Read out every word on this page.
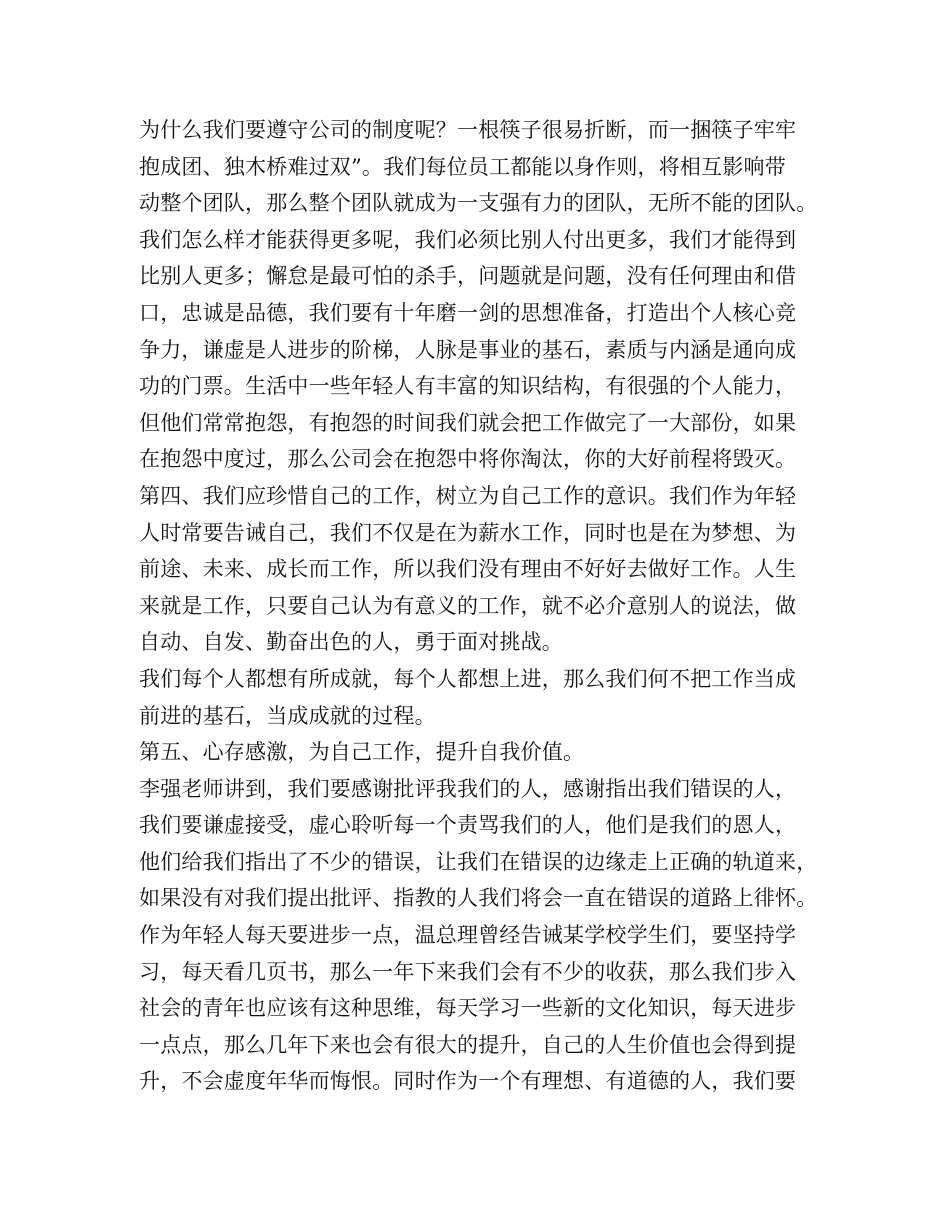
为什么我们要遵守公司的制度呢？一根筷子很易折断，而一捆筷子牢牢
抱成团、独木桥难过双”。我们每位员工都能以身作则，将相互影响带
动整个团队，那么整个团队就成为一支强有力的团队，无所不能的团队。
我们怎么样才能获得更多呢，我们必须比别人付出更多，我们才能得到
比别人更多；懈怠是最可怕的杀手，问题就是问题，没有任何理由和借
口，忠诚是品德，我们要有十年磨一剑的思想准备，打造出个人核心竞
争力，谦虚是人进步的阶梯，人脉是事业的基石，素质与内涵是通向成
功的门票。生活中一些年轻人有丰富的知识结构，有很强的个人能力，
但他们常常抱怨，有抱怨的时间我们就会把工作做完了一大部份，如果
在抱怨中度过，那么公司会在抱怨中将你淘汰，你的大好前程将毁灭。
第四、我们应珍惜自己的工作，树立为自己工作的意识。我们作为年轻
人时常要告诫自己，我们不仅是在为薪水工作，同时也是在为梦想、为
前途、未来、成长而工作，所以我们没有理由不好好去做好工作。人生
来就是工作，只要自己认为有意义的工作，就不必介意别人的说法，做
自动、自发、勤奋出色的人，勇于面对挑战。
我们每个人都想有所成就，每个人都想上进，那么我们何不把工作当成
前进的基石，当成成就的过程。
第五、心存感激，为自己工作，提升自我价值。
李强老师讲到，我们要感谢批评我我们的人，感谢指出我们错误的人，
我们要谦虚接受，虚心聆听每一个责骂我们的人，他们是我们的恩人，
他们给我们指出了不少的错误，让我们在错误的边缘走上正确的轨道来，
如果没有对我们提出批评、指教的人我们将会一直在错误的道路上徘怀。
作为年轻人每天要进步一点，温总理曾经告诫某学校学生们，要坚持学
习，每天看几页书，那么一年下来我们会有不少的收获，那么我们步入
社会的青年也应该有这种思维，每天学习一些新的文化知识，每天进步
一点点，那么几年下来也会有很大的提升，自己的人生价值也会得到提
升，不会虚度年华而悔恨。同时作为一个有理想、有道德的人，我们要
